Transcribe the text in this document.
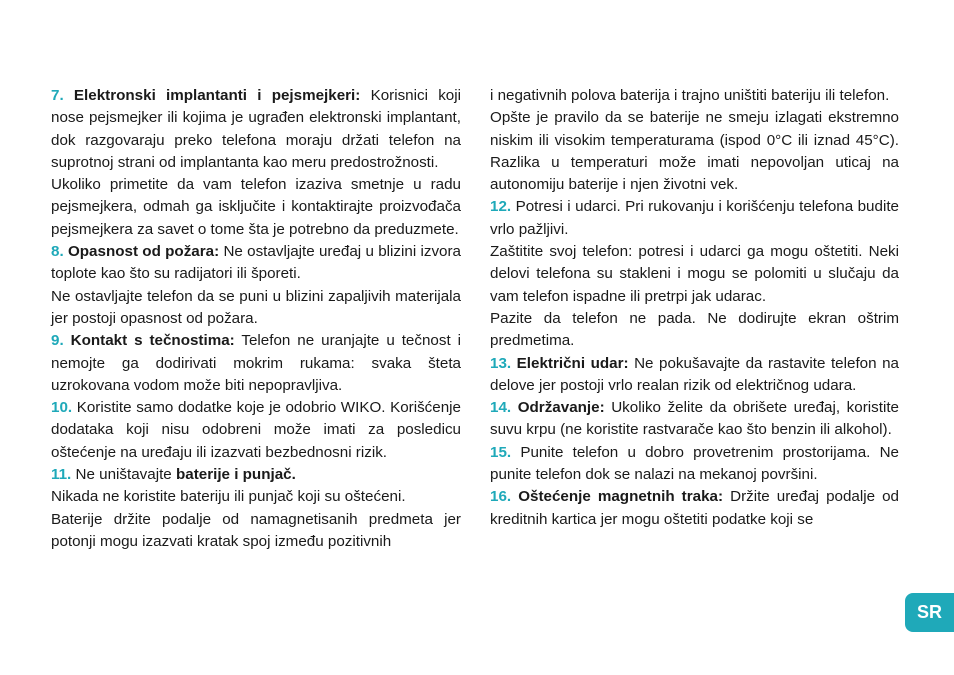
7. Elektronski implantanti i pejsmejkeri: Korisnici koji nose pejsmejker ili kojima je ugrađen elektronski implantant, dok razgovaraju preko telefona moraju držati telefon na suprotnoj strani od implantanta kao meru predostrožnosti.

Ukoliko primetite da vam telefon izaziva smetnje u radu pejsmejkera, odmah ga isključite i kontaktirajte proizvođača pejsmejkera za savet o tome šta je potrebno da preduzmete.

8. Opasnost od požara: Ne ostavljajte uređaj u blizini izvora toplote kao što su radijatori ili šporeti.

Ne ostavljajte telefon da se puni u blizini zapaljivih materijala jer postoji opasnost od požara.

9. Kontakt s tečnostima: Telefon ne uranjajte u tečnost i nemojte ga dodirivati mokrim rukama: svaka šteta uzrokovana vodom može biti nepopravljiva.

10. Koristite samo dodatke koje je odobrio WIKO. Korišćenje dodataka koji nisu odobreni može imati za posledicu oštećenje na uređaju ili izazvati bezbednosni rizik.

11. Ne uništavajte baterije i punjač.

Nikada ne koristite bateriju ili punjač koji su oštećeni.

Baterije držite podalje od namagnetisanih predmeta jer potonji mogu izazvati kratak spoj između pozitivnih

i negativnih polova baterija i trajno uništiti bateriju ili telefon.

Opšte je pravilo da se baterije ne smeju izlagati ekstremno niskim ili visokim temperaturama (ispod 0°C ili iznad 45°C). Razlika u temperaturi može imati nepovoljan uticaj na autonomiju baterije i njen životni vek.

12. Potresi i udarci. Pri rukovanju i korišćenju telefona budite vrlo pažljivi.

Zaštitite svoj telefon: potresi i udarci ga mogu oštetiti. Neki delovi telefona su stakleni i mogu se polomiti u slučaju da vam telefon ispadne ili pretrpi jak udarac.

Pazite da telefon ne pada. Ne dodirujte ekran oštrim predmetima.

13. Električni udar: Ne pokušavajte da rastavite telefon na delove jer postoji vrlo realan rizik od električnog udara.

14. Održavanje: Ukoliko želite da obrišete uređaj, koristite suvu krpu (ne koristite rastvarače kao što benzin ili alkohol).

15. Punite telefon u dobro provetrenim prostorijama. Ne punite telefon dok se nalazi na mekanoj površini.

16. Oštećenje magnetnih traka: Držite uređaj podalje od kreditnih kartica jer mogu oštetiti podatke koji se

SR
